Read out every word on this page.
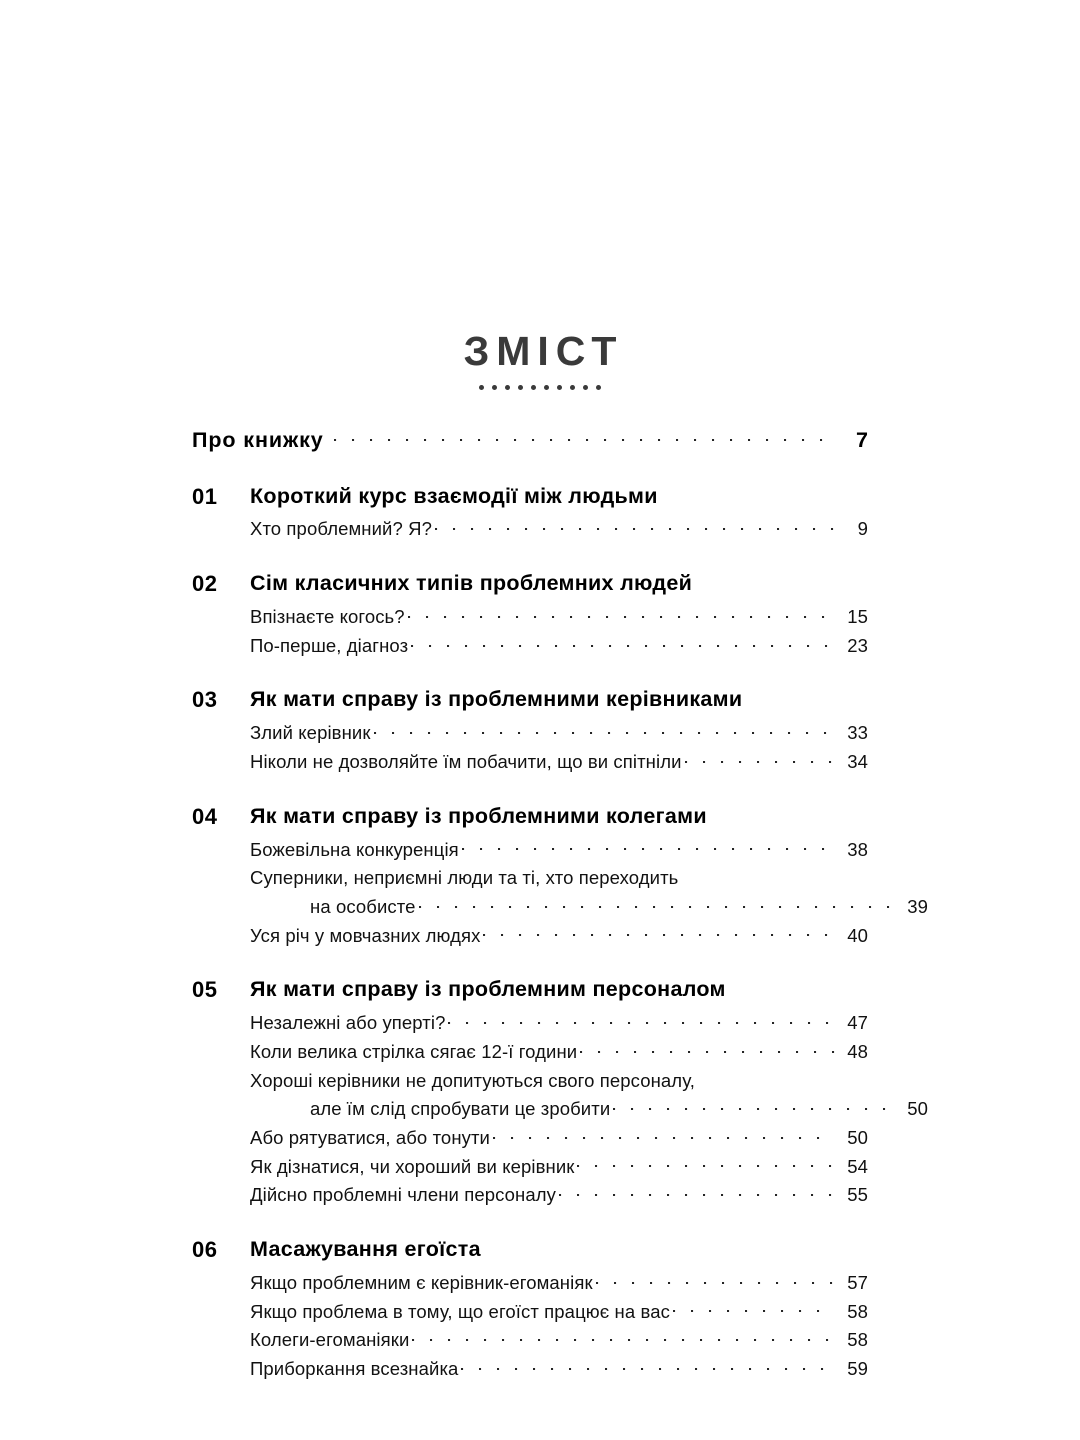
ЗМІСТ
Про книжку	7
01	Короткий курс взаємодії між людьми
Хто проблемний? Я?	9
02	Сім класичних типів проблемних людей
Впізнаєте когось?	15
По-перше, діагноз	23
03	Як мати справу із проблемними керівниками
Злий керівник	33
Ніколи не дозволяйте їм побачити, що ви спітніли	34
04	Як мати справу із проблемними колегами
Божевільна конкуренція	38
Суперники, неприємні люди та ті, хто переходить
на особисте	39
Уся річ у мовчазних людях	40
05	Як мати справу із проблемним персоналом
Незалежні або уперті?	47
Коли велика стрілка сягає 12-ї години	48
Хороші керівники не допитуються свого персоналу,
але їм слід спробувати це зробити	50
Або рятуватися, або тонути	50
Як дізнатися, чи хороший ви керівник	54
Дійсно проблемні члени персоналу	55
06	Масажування егоїста
Якщо проблемним є керівник-егоманіяк	57
Якщо проблема в тому, що егоїст працює на вас	58
Колеги-егоманіяки	58
Приборкання всезнайка	59
